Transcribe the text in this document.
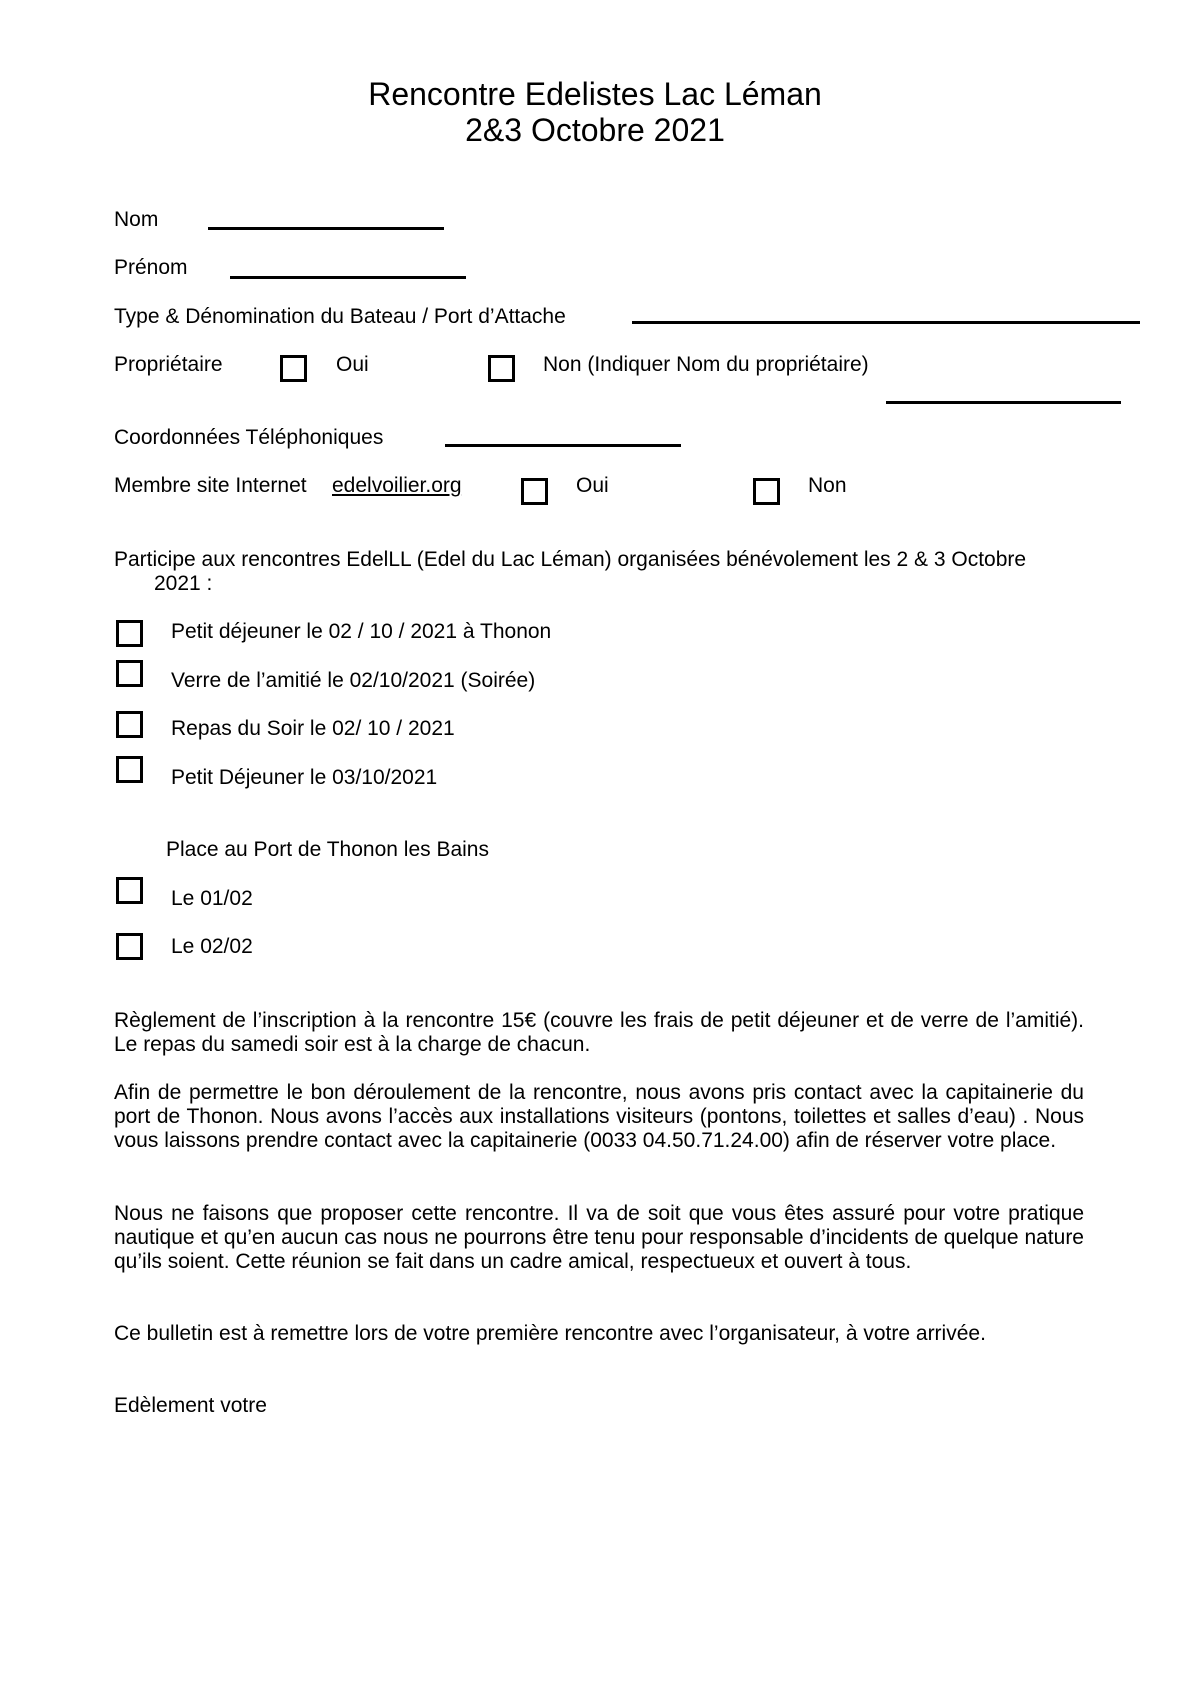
Rencontre Edelistes Lac Léman
2&3 Octobre 2021
Nom
Prénom
Type & Dénomination du Bateau / Port d’Attache
Propriétaire	Oui	Non (Indiquer Nom du propriétaire)
Coordonnées Téléphoniques
Membre site Internet edelvoilier.org	Oui	Non
Participe aux rencontres EdelLL (Edel du Lac Léman) organisées bénévolement les 2 & 3 Octobre
2021 :
Petit déjeuner le 02 / 10 / 2021 à Thonon
Verre de l’amitié le 02/10/2021 (Soirée)
Repas du Soir le 02/ 10 / 2021
Petit Déjeuner le 03/10/2021
Place au Port de Thonon les Bains
Le 01/02
Le 02/02
Règlement de l’inscription à la rencontre 15€ (couvre les frais de petit déjeuner et de verre de l’amitié). Le repas du samedi soir est à la charge de chacun.
Afin de permettre le bon déroulement de la rencontre, nous avons pris contact avec la capitainerie du port de Thonon. Nous avons l’accès aux installations visiteurs (pontons, toilettes et salles d’eau) . Nous vous laissons prendre contact avec la capitainerie (0033 04.50.71.24.00) afin de réserver votre place.
Nous ne faisons que proposer cette rencontre. Il va de soit que vous êtes assuré pour votre pratique nautique et qu’en aucun cas nous ne pourrons être tenu pour responsable d’incidents de quelque nature qu’ils soient. Cette réunion se fait dans un cadre amical, respectueux et ouvert à tous.
Ce bulletin est à remettre lors de votre première rencontre avec l’organisateur, à votre arrivée.
Edèlement votre
